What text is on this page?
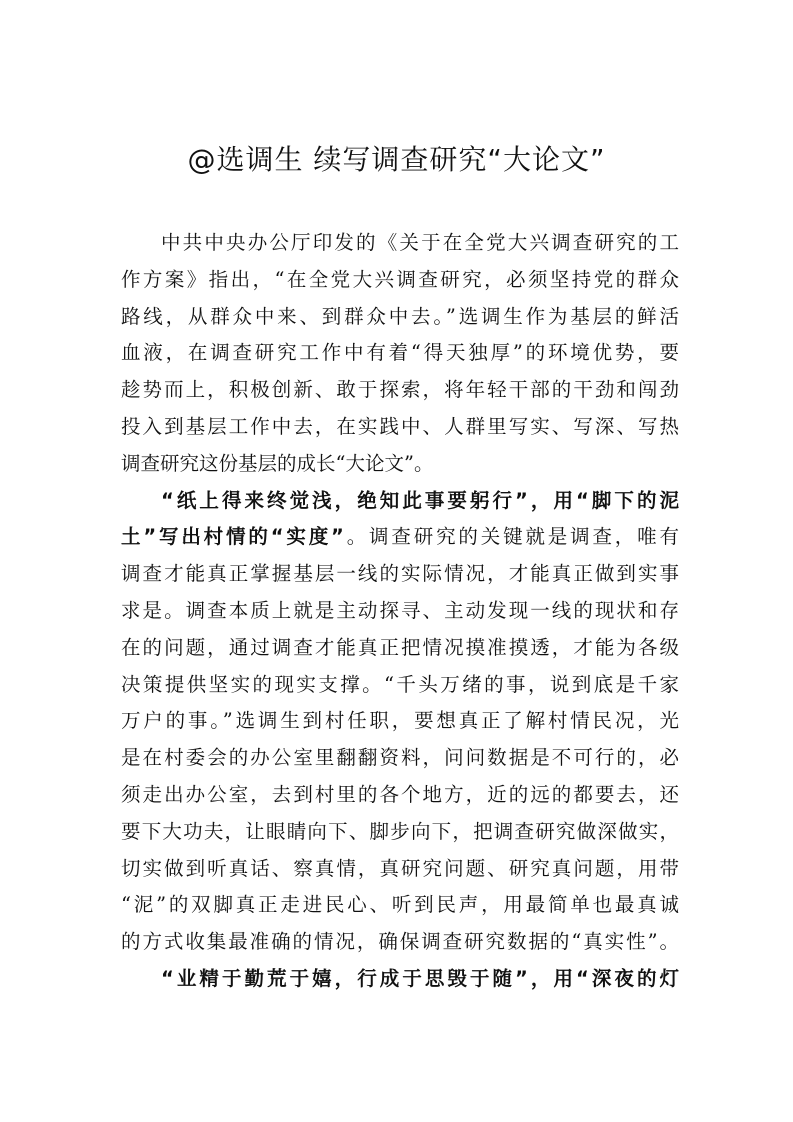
@选调生 续写调查研究“大论文”
中共中央办公厅印发的《关于在全党大兴调查研究的工
作方案》指出，“在全党大兴调查研究，必须坚持党的群众
路线，从群众中来、到群众中去。”选调生作为基层的鲜活
血液，在调查研究工作中有着“得天独厚”的环境优势，要
趁势而上，积极创新、敢于探索，将年轻干部的干劲和闯劲
投入到基层工作中去，在实践中、人群里写实、写深、写热
调查研究这份基层的成长“大论文”。
“纸上得来终觉浅，绝知此事要躬行”，用“脚下的泥
土”写出村情的“实度”。调查研究的关键就是调查，唯有
调查才能真正掌握基层一线的实际情况，才能真正做到实事
求是。调查本质上就是主动探寻、主动发现一线的现状和存
在的问题，通过调查才能真正把情况摸准摸透，才能为各级
决策提供坚实的现实支撑。“千头万绪的事，说到底是千家
万户的事。”选调生到村任职，要想真正了解村情民况，光
是在村委会的办公室里翻翻资料，问问数据是不可行的，必
须走出办公室，去到村里的各个地方，近的远的都要去，还
要下大功夫，让眼睛向下、脚步向下，把调查研究做深做实，
切实做到听真话、察真情，真研究问题、研究真问题，用带
“泥”的双脚真正走进民心、听到民声，用最简单也最真诚
的方式收集最准确的情况，确保调查研究数据的“真实性”。
“业精于勤荒于嬉，行成于思毁于随”，用“深夜的灯
